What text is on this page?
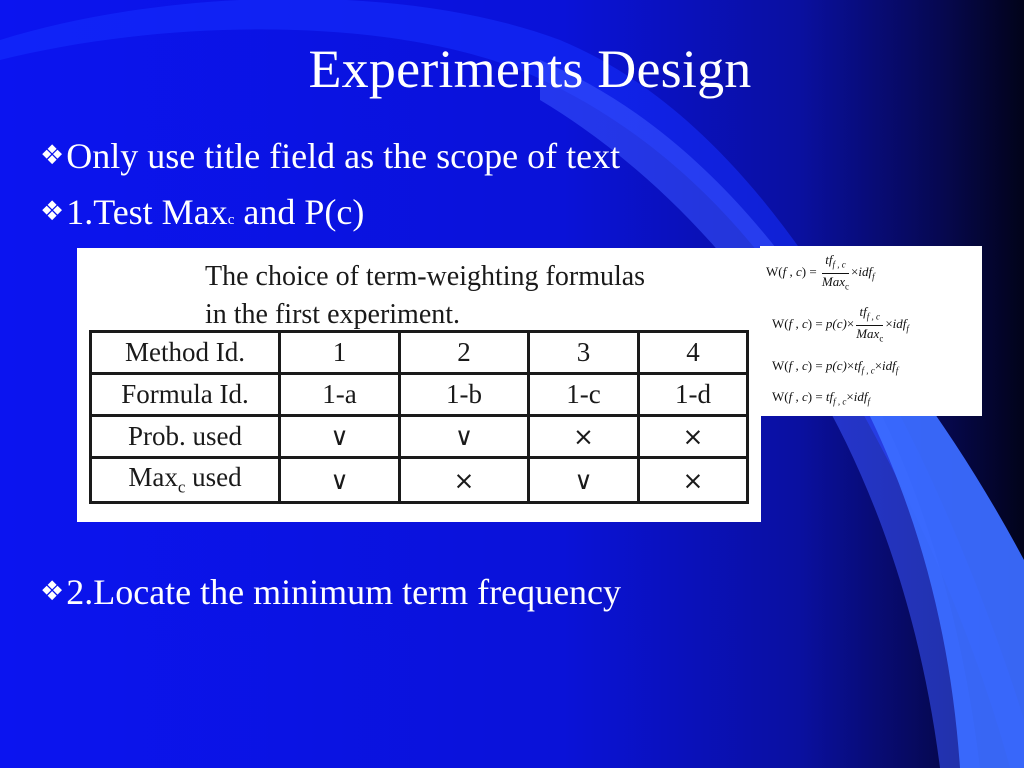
Experiments Design
❖Only use title field as the scope of text
❖1.Test Maxc and P(c)
The choice of term-weighting formulas
in the first experiment.
Method Id.	1	2	3	4
Formula Id.	1-a	1-b	1-c	1-d
Prob. used	∨	∨	×	×
Max$_c$ used	∨	×	∨	×
W(f , $c) = \frac{tf_{f , c}}{Max_c} \times idf_f$
W(f , $c) = p(c)\times \frac{tf_{f , c}}{Max_c} \times idf_f$
W(f , $c) = p(c)\times tf_{f , c}\times idf_f$
W(f , $c) = tf_{f , c}\times idf_f$
❖2.Locate the minimum term frequency
